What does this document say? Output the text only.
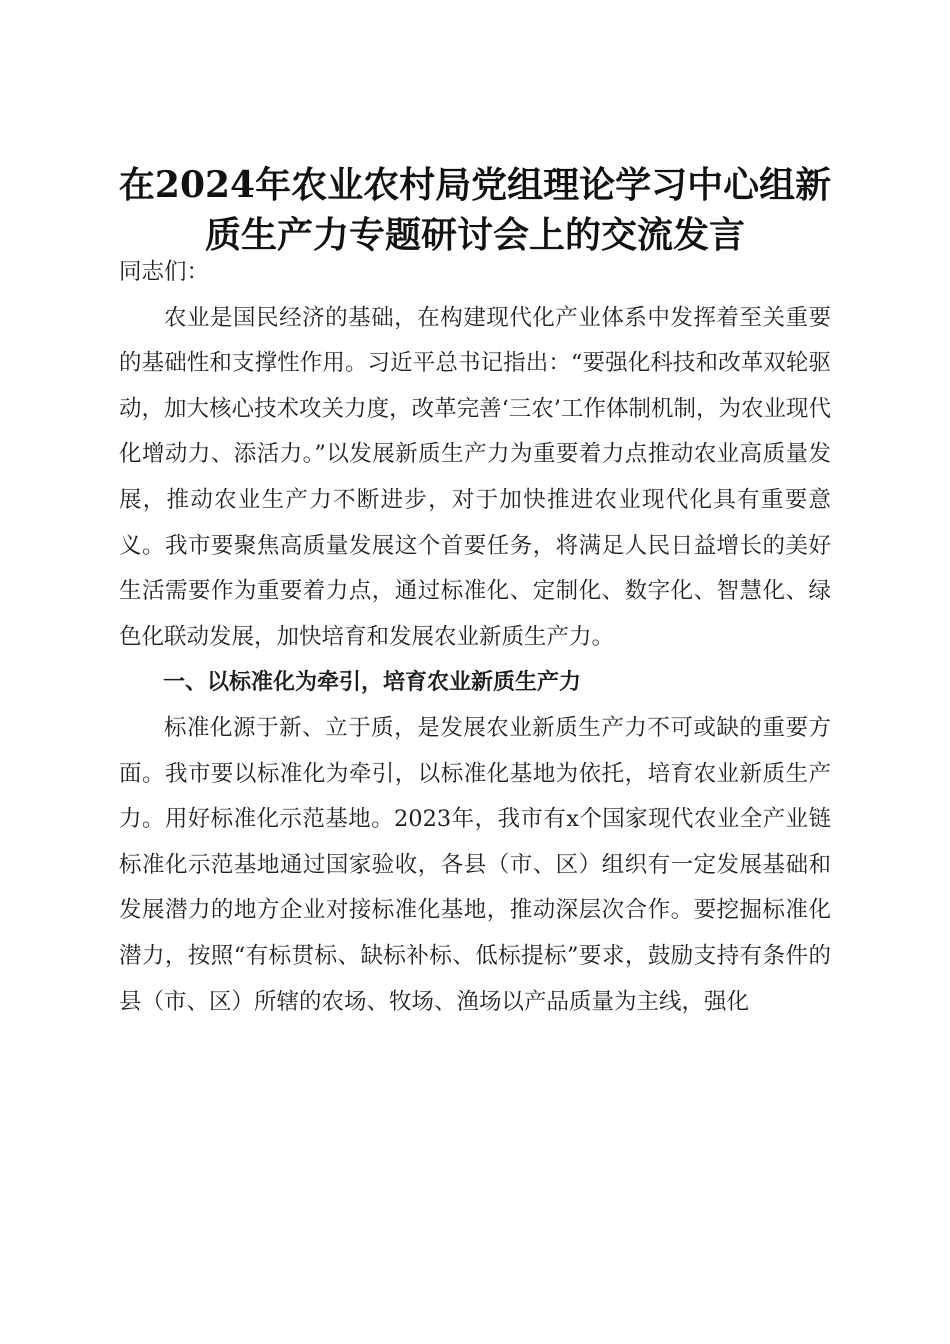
在2024年农业农村局党组理论学习中心组新
质生产力专题研讨会上的交流发言

同志们：

农业是国民经济的基础，在构建现代化产业体系中发挥着至关重要的基础性和支撑性作用。习近平总书记指出：“要强化科技和改革双轮驱动，加大核心技术攻关力度，改革完善‘三农’工作体制机制，为农业现代化增动力、添活力。”以发展新质生产力为重要着力点推动农业高质量发展，推动农业生产力不断进步，对于加快推进农业现代化具有重要意义。我市要聚焦高质量发展这个首要任务，将满足人民日益增长的美好生活需要作为重要着力点，通过标准化、定制化、数字化、智慧化、绿色化联动发展，加快培育和发展农业新质生产力。

一、以标准化为牵引，培育农业新质生产力

标准化源于新、立于质，是发展农业新质生产力不可或缺的重要方面。我市要以标准化为牵引，以标准化基地为依托，培育农业新质生产力。用好标准化示范基地。2023年，我市有x个国家现代农业全产业链标准化示范基地通过国家验收，各县（市、区）组织有一定发展基础和发展潜力的地方企业对接标准化基地，推动深层次合作。要挖掘标准化潜力，按照“有标贯标、缺标补标、低标提标”要求，鼓励支持有条件的县（市、区）所辖的农场、牧场、渔场以产品质量为主线，强化
